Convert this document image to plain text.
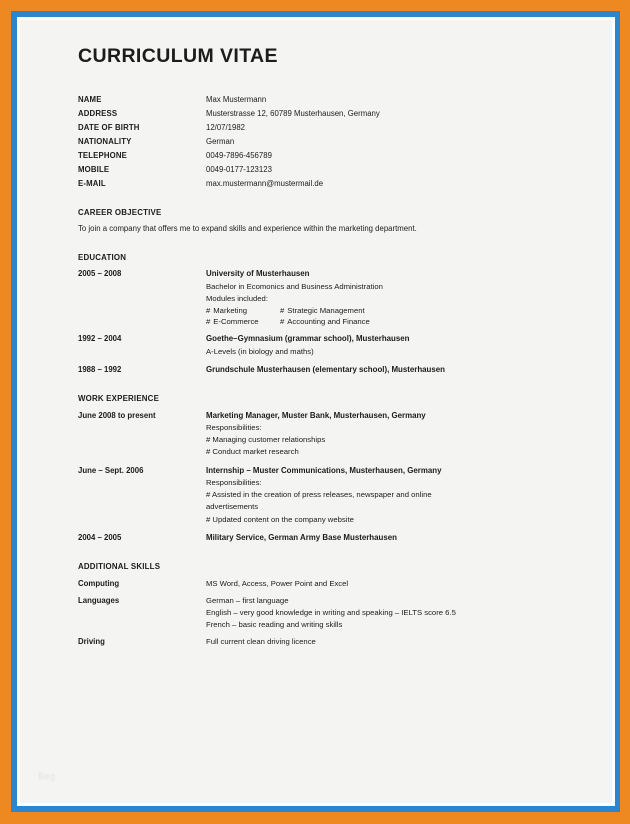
CURRICULUM VITAE
NAME	Max Mustermann
ADDRESS	Musterstrasse 12, 60789 Musterhausen, Germany
DATE OF BIRTH	12/07/1982
NATIONALITY	German
TELEPHONE	0049-7896-456789
MOBILE	0049-0177-123123
E-MAIL	max.mustermann@mustermail.de
CAREER OBJECTIVE

To join a company that offers me to expand skills and experience within the marketing department.

EDUCATION
2005 – 2008	University of Musterhausen

Bachelor in Ecomonics and Business Administration

Modules included:

# Marketing	# Strategic Management
# E-Commerce	# Accounting and Finance
1992 – 2004	Goethe–Gymnasium (grammar school), Musterhausen

A-Levels (in biology and maths)

1988 – 1992	Grundschule Musterhausen (elementary school), Musterhausen

WORK EXPERIENCE
June 2008 to present	Marketing Manager, Muster Bank, Musterhausen, Germany

Responsibilities:

# Managing customer relationships

# Conduct market research

June – Sept. 2006	Internship – Muster Communications, Musterhausen, Germany

Responsibilities:

# Assisted in the creation of press releases, newspaper and online

advertisements

# Updated content on the company website

2004 – 2005	Military Service, German Army Base Musterhausen

ADDITIONAL SKILLS
Computing	MS Word, Access, Power Point and Excel

Languages	German – first language

English – very good knowledge in writing and speaking – IELTS score 6.5

French – basic reading and writing skills

Driving	Full current clean driving licence

Beg
